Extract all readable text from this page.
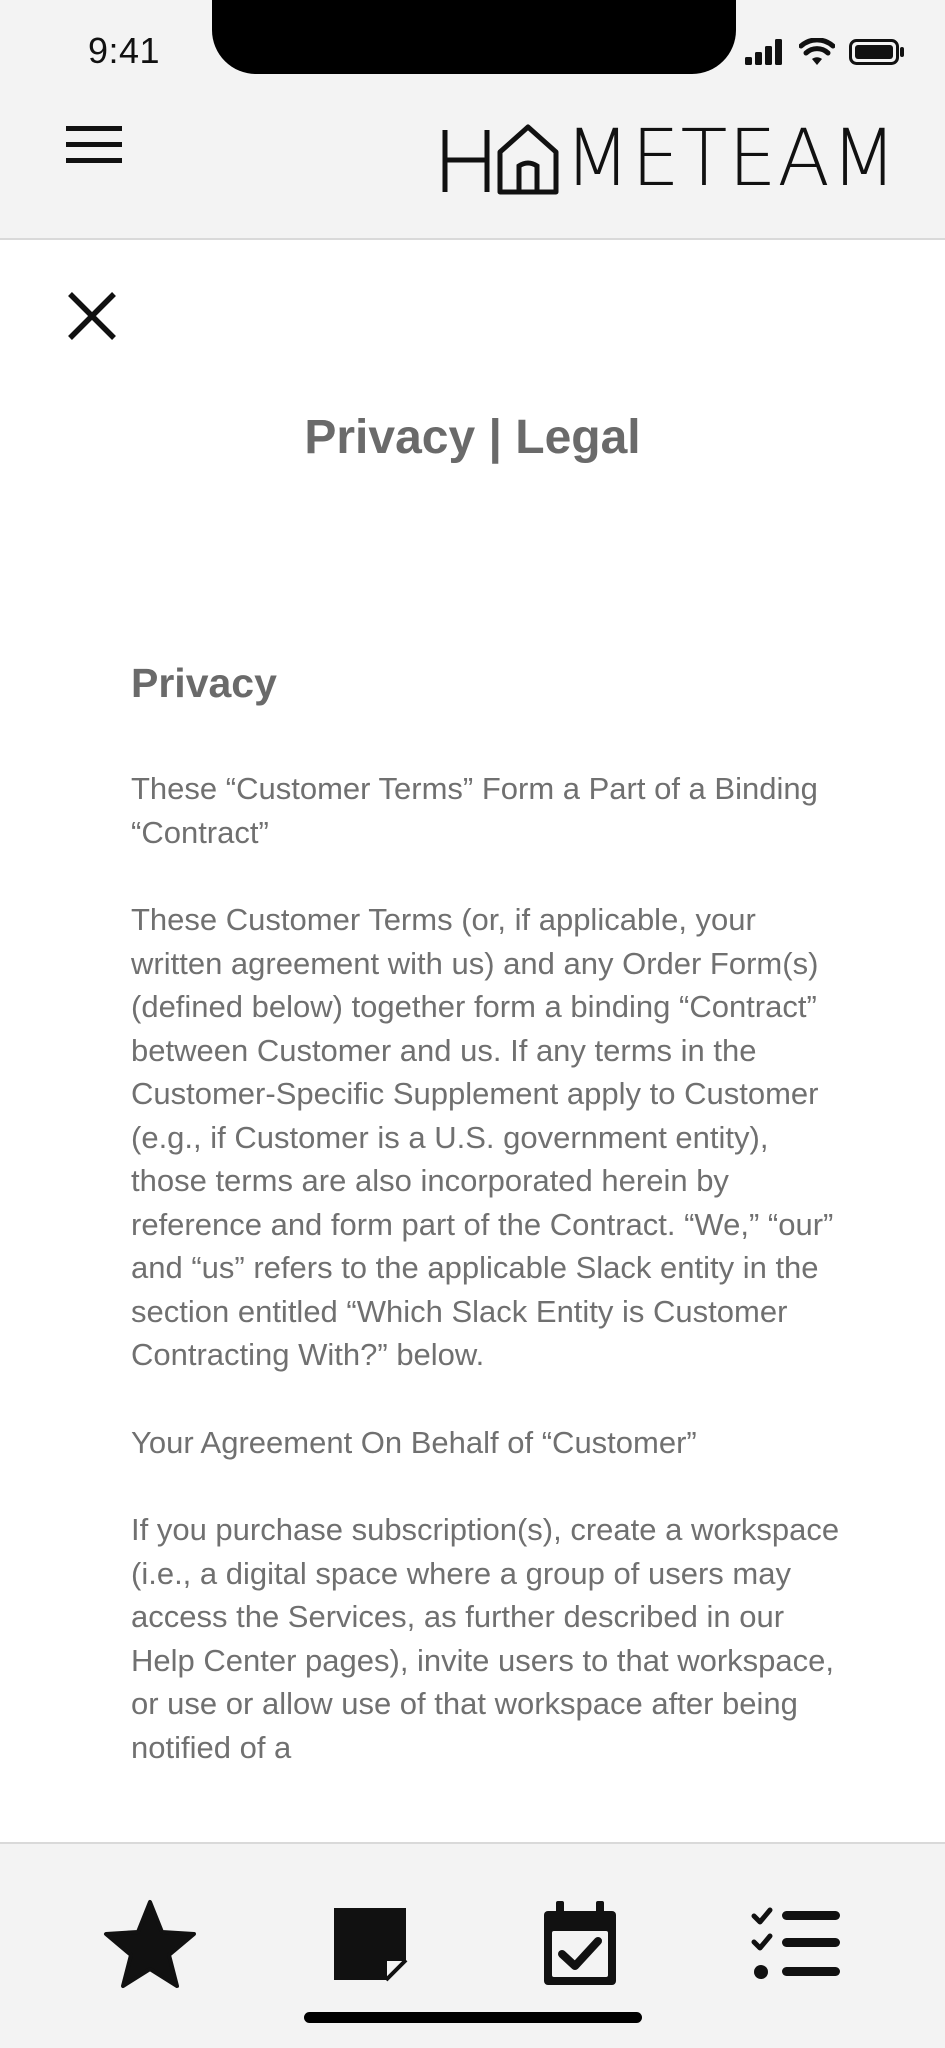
9:41
METEAM
Privacy | Legal
Privacy

These “Customer Terms” Form a Part of a Binding “Contract”

These Customer Terms (or, if applicable, your written agreement with us) and any Order Form(s) (defined below) together form a binding “Contract” between Customer and us. If any terms in the Customer-Specific Supplement apply to Customer (e.g., if Customer is a U.S. government entity), those terms are also incorporated herein by reference and form part of the Contract. “We,” “our” and “us” refers to the applicable Slack entity in the section entitled “Which Slack Entity is Customer Contracting With?” below.

Your Agreement On Behalf of “Customer”

If you purchase subscription(s), create a workspace (i.e., a digital space where a group of users may access the Services, as further described in our Help Center pages), invite users to that workspace, or use or allow use of that workspace after being notified of a
